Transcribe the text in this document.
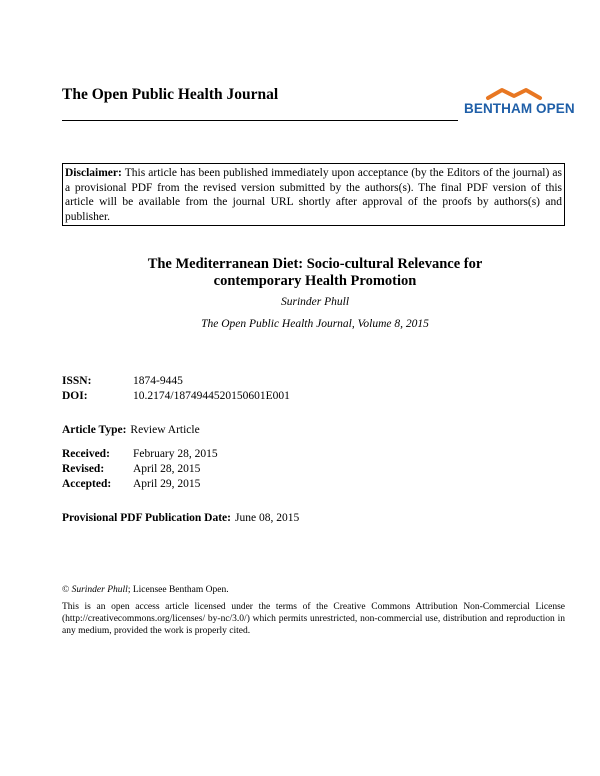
The Open Public Health Journal
BENTHAM OPEN
Disclaimer: This article has been published immediately upon acceptance (by the Editors of the journal) as a provisional PDF from the revised version submitted by the authors(s). The final PDF version of this article will be available from the journal URL shortly after approval of the proofs by authors(s) and publisher.
The Mediterranean Diet: Socio-cultural Relevance for
contemporary Health Promotion
Surinder Phull
The Open Public Health Journal, Volume 8, 2015
ISSN:	1874-9445
DOI:	10.2174/1874944520150601E001
Article Type: Review Article
Received: February 28, 2015
Revised:	April 28, 2015
Accepted: April 29, 2015
Provisional PDF Publication Date: June 08, 2015
© Surinder Phull; Licensee Bentham Open.
This is an open access article licensed under the terms of the Creative Commons Attribution Non-Commercial License (http://creativecommons.org/licenses/ by-nc/3.0/) which permits unrestricted, non-commercial use, distribution and reproduction in any medium, provided the work is properly cited.
